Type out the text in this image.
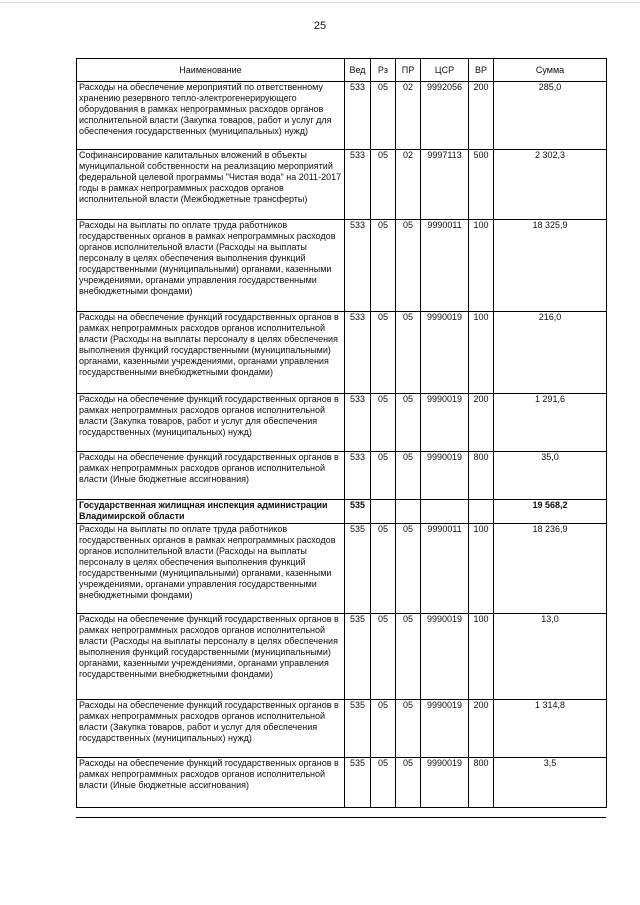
25
Наименование	Вед	Рз	ПР	ЦСР	ВР	Сумма
Расходы на обеспечение мероприятий по ответственному хранению резервного тепло-электрогенерирующего оборудования в рамках непрограммных расходов органов исполнительной власти (Закупка товаров, работ и услуг для обеспечения государственных (муниципальных) нужд)	533	05	02	9992056	200	285,0
Софинансирование капитальных вложений в объекты муниципальной собственности на реализацию мероприятий федеральной целевой программы "Чистая вода" на 2011-2017 годы в рамках непрограммных расходов органов исполнительной власти (Межбюджетные трансферты)	533	05	02	9997113	500	2 302,3
Расходы на выплаты по оплате труда работников государственных органов в рамках непрограммных расходов органов исполнительной власти (Расходы на выплаты персоналу в целях обеспечения выполнения функций государственными (муниципальными) органами, казенными учреждениями, органами управления государственными внебюджетными фондами)	533	05	05	9990011	100	18 325,9
Расходы на обеспечение функций государственных органов в рамках непрограммных расходов органов исполнительной власти (Расходы на выплаты персоналу в целях обеспечения выполнения функций государственными (муниципальными) органами, казенными учреждениями, органами управления государственными внебюджетными фондами)	533	05	05	9990019	100	216,0
Расходы на обеспечение функций государственных органов в рамках непрограммных расходов органов исполнительной власти (Закупка товаров, работ и услуг для обеспечения государственных (муниципальных) нужд)	533	05	05	9990019	200	1 291,6
Расходы на обеспечение функций государственных органов в рамках непрограммных расходов органов исполнительной власти (Иные бюджетные ассигнования)	533	05	05	9990019	800	35,0
Государственная жилищная инспекция администрации Владимирской области	535					19 568,2
Расходы на выплаты по оплате труда работников государственных органов в рамках непрограммных расходов органов исполнительной власти (Расходы на выплаты персоналу в целях обеспечения выполнения функций государственными (муниципальными) органами, казенными учреждениями, органами управления государственными внебюджетными фондами)	535	05	05	9990011	100	18 236,9
Расходы на обеспечение функций государственных органов в рамках непрограммных расходов органов исполнительной власти (Расходы на выплаты персоналу в целях обеспечения выполнения функций государственными (муниципальными) органами, казенными учреждениями, органами управления государственными внебюджетными фондами)	535	05	05	9990019	100	13,0
Расходы на обеспечение функций государственных органов в рамках непрограммных расходов органов исполнительной власти (Закупка товаров, работ и услуг для обеспечения государственных (муниципальных) нужд)	535	05	05	9990019	200	1 314,8
Расходы на обеспечение функций государственных органов в рамках непрограммных расходов органов исполнительной власти (Иные бюджетные ассигнования)	535	05	05	9990019	800	3,5
